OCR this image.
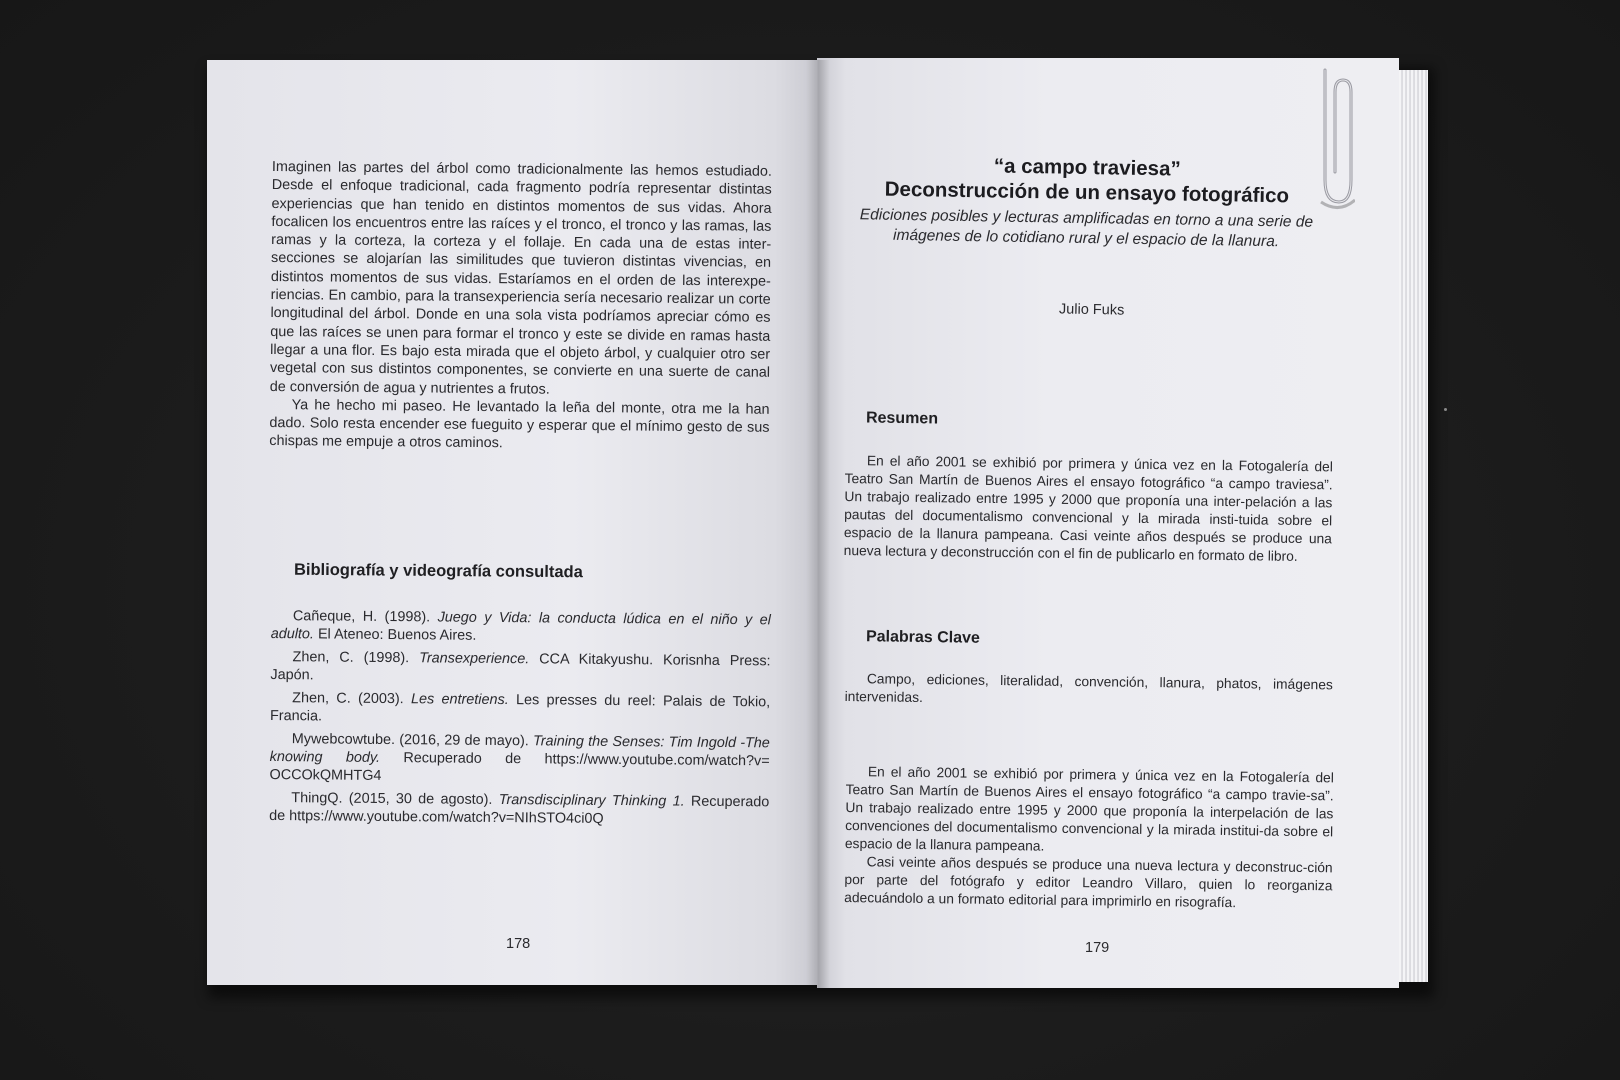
Imaginen las partes del árbol como tradicionalmente las hemos estudiado. Desde el enfoque tradicional, cada fragmento podría representar distintas experiencias que han tenido en distintos momentos de sus vidas. Ahora focalicen los encuentros entre las raíces y el tronco, el tronco y las ramas, las ramas y la corteza, la corteza y el follaje. En cada una de estas inter-secciones se alojarían las similitudes que tuvieron distintas vivencias, en distintos momentos de sus vidas. Estaríamos en el orden de las interexpe-riencias. En cambio, para la transexperiencia sería necesario realizar un corte longitudinal del árbol. Donde en una sola vista podríamos apreciar cómo es que las raíces se unen para formar el tronco y este se divide en ramas hasta llegar a una flor. Es bajo esta mirada que el objeto árbol, y cualquier otro ser vegetal con sus distintos componentes, se convierte en una suerte de canal de conversión de agua y nutrientes a frutos.

Ya he hecho mi paseo. He levantado la leña del monte, otra me la han dado. Solo resta encender ese fueguito y esperar que el mínimo gesto de sus chispas me empuje a otros caminos.

Bibliografía y videografía consultada

Cañeque, H. (1998). Juego y Vida: la conducta lúdica en el niño y el adulto. El Ateneo: Buenos Aires.

Zhen, C. (1998). Transexperience. CCA Kitakyushu. Korisnha Press: Japón.

Zhen, C. (2003). Les entretiens. Les presses du reel: Palais de Tokio, Francia.

Mywebcowtube. (2016, 29 de mayo). Training the Senses: Tim Ingold -The knowing body. Recuperado de https://www.youtube.com/watch?v= OCCOkQMHTG4

ThingQ. (2015, 30 de agosto). Transdisciplinary Thinking 1. Recuperado de https://www.youtube.com/watch?v=NIhSTO4ci0Q

178
“a campo traviesa”
Deconstrucción de un ensayo fotográfico
Ediciones posibles y lecturas amplificadas en torno a una serie de imágenes de lo cotidiano rural y el espacio de la llanura.
Julio Fuks
Resumen

En el año 2001 se exhibió por primera y única vez en la Fotogalería del Teatro San Martín de Buenos Aires el ensayo fotográfico “a campo traviesa”. Un trabajo realizado entre 1995 y 2000 que proponía una inter-pelación a las pautas del documentalismo convencional y la mirada insti-tuida sobre el espacio de la llanura pampeana. Casi veinte años después se produce una nueva lectura y deconstrucción con el fin de publicarlo en formato de libro.

Palabras Clave

Campo, ediciones, literalidad, convención, llanura, phatos, imágenes intervenidas.

En el año 2001 se exhibió por primera y única vez en la Fotogalería del Teatro San Martín de Buenos Aires el ensayo fotográfico “a campo travie-sa”. Un trabajo realizado entre 1995 y 2000 que proponía la interpelación de las convenciones del documentalismo convencional y la mirada institui-da sobre el espacio de la llanura pampeana.

Casi veinte años después se produce una nueva lectura y deconstruc-ción por parte del fotógrafo y editor Leandro Villaro, quien lo reorganiza adecuándolo a un formato editorial para imprimirlo en risografía.

179
